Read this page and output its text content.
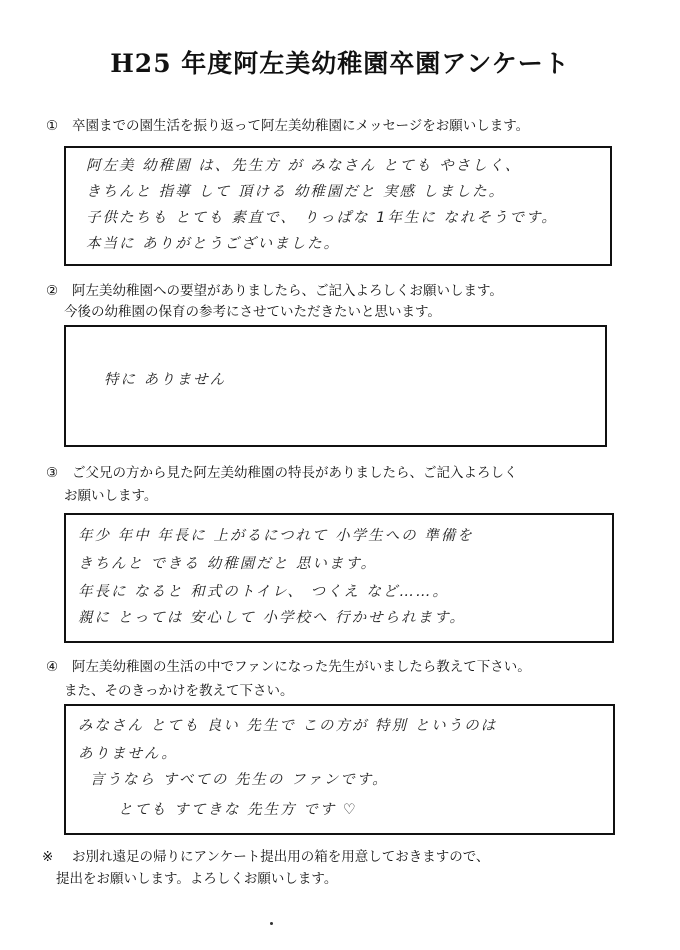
H25 年度阿左美幼稚園卒園アンケート
① 卒園までの園生活を振り返って阿左美幼稚園にメッセージをお願いします。
阿左美 幼稚園 は、先生方 が みなさん とても やさしく、
きちんと 指導 して 頂ける 幼稚園だと 実感 しました。
子供たちも とても 素直で、 りっぱな 1年生に なれそうです。
本当に ありがとうございました。
② 阿左美幼稚園への要望がありましたら、ご記入よろしくお願いします。
今後の幼稚園の保育の参考にさせていただきたいと思います。
特に ありません
③ ご父兄の方から見た阿左美幼稚園の特長がありましたら、ご記入よろしく
お願いします。
年少 年中 年長に 上がるにつれて 小学生への 準備を
きちんと できる 幼稚園だと 思います。
年長に なると 和式のトイレ、 つくえ など……。
親に とっては 安心して 小学校へ 行かせられます。
④ 阿左美幼稚園の生活の中でファンになった先生がいましたら教えて下さい。
また、そのきっかけを教えて下さい。
みなさん とても 良い 先生で この方が 特別 というのは
ありません。
言うなら すべての 先生の ファンです。
とても すてきな 先生方 です ♡
※ お別れ遠足の帰りにアンケート提出用の箱を用意しておきますので、
提出をお願いします。よろしくお願いします。
